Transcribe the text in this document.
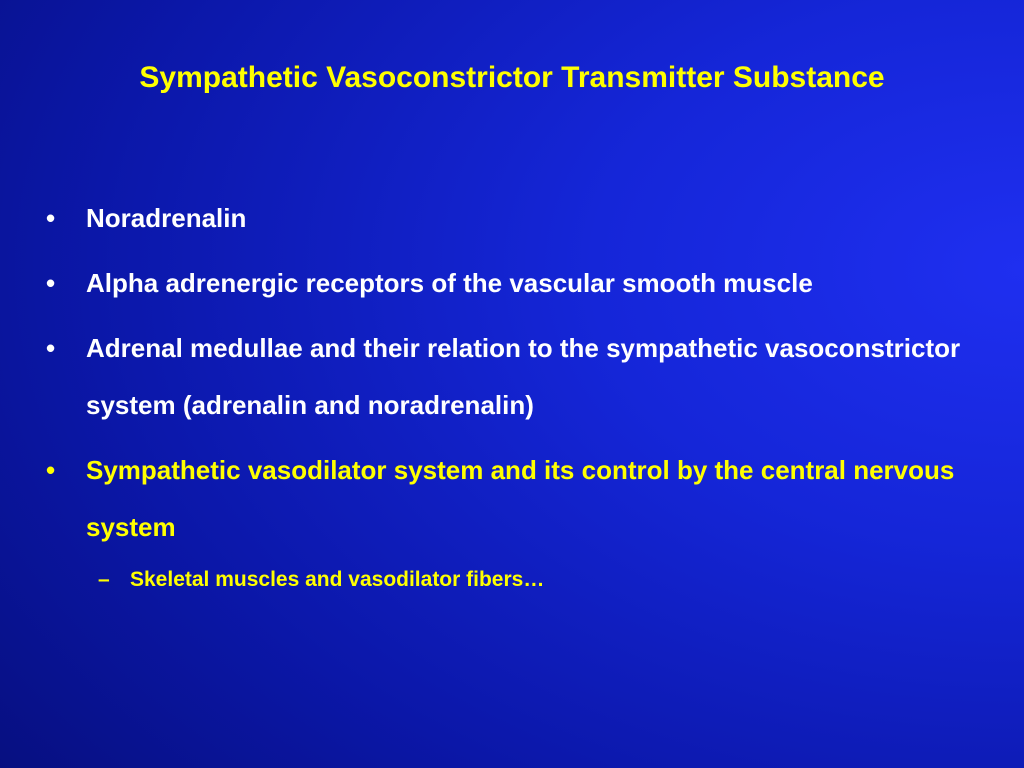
Sympathetic Vasoconstrictor Transmitter Substance
• Noradrenalin
• Alpha adrenergic receptors of the vascular smooth muscle
• Adrenal medullae and their relation to the sympathetic vasoconstrictor system (adrenalin and noradrenalin)
• Sympathetic vasodilator system and its control by the central nervous system
– Skeletal muscles and vasodilator fibers…
